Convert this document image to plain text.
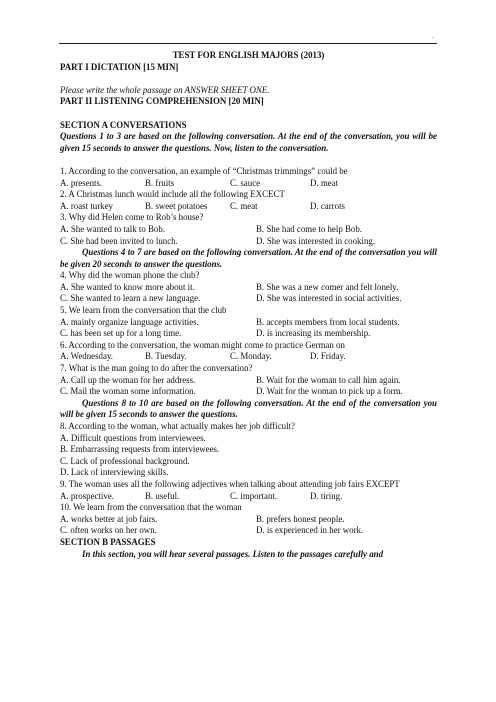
·
TEST FOR ENGLISH MAJORS (2013)
PART I DICTATION [15 MIN]
Please write the whole passage on ANSWER SHEET ONE.
PART II LISTENING COMPREHENSION [20 MIN]
SECTION A CONVERSATIONS
Questions 1 to 3 are based on the following conversation. At the end of the conversation, you will be given 15 seconds to answer the questions. Now, listen to the conversation.
1. According to the conversation, an example of “Christmas trimmings” could be
A. presents.	B. fruits	C. sauce	D. meat
2. A Christmas lunch would include all the following EXCECT
A. roast turkey	B. sweet potatoes	C. meat	D. carrots
3. Why did Helen come to Rob’s house?
A. She wanted to talk to Bob.	B. She had come to help Bob.
C. She had been invited to lunch.	D. She was interested in cooking.
Questions 4 to 7 are based on the following conversation. At the end of the conversation you will be given 20 seconds to answer the questions.
4. Why did the woman phone the club?
A. She wanted to know more about it.	B. She was a new comer and felt lonely.
C. She wanted to learn a new language.	D. She was interested in social activities.
5. We learn from the conversation that the club
A. mainly organize language activities.	B. accepts members from local students.
C. has been set up for a long time.	D. is increasing its membership.
6. According to the conversation, the woman might come to practice German on
A. Wednesday.	B. Tuesday.	C. Monday.	D. Friday.
7. What is the man going to do after the conversation?
A. Call up the woman for her address.	B. Wait for the woman to call him again.
C. Mail the woman some information.	D. Wait for the woman to pick up a form.
Questions 8 to 10 are based on the following conversation. At the end of the conversation you will be given 15 seconds to answer the questions.
8. According to the woman, what actually makes her job difficult?
A. Difficult questions from interviewees.
B. Embarrassing requests from interviewees.
C. Lack of professional background.
D. Lack of interviewing skills.
9. The woman uses all the following adjectives when talking about attending job fairs EXCEPT
A. prospective.	B. useful.	C. important.	D. tiring.
10. We learn from the conversation that the woman
A. works better at job fairs.	B. prefers honest people.
C. often works on her own.	D. is experienced in her work.
SECTION B PASSAGES
In this section, you will hear several passages. Listen to the passages carefully and
